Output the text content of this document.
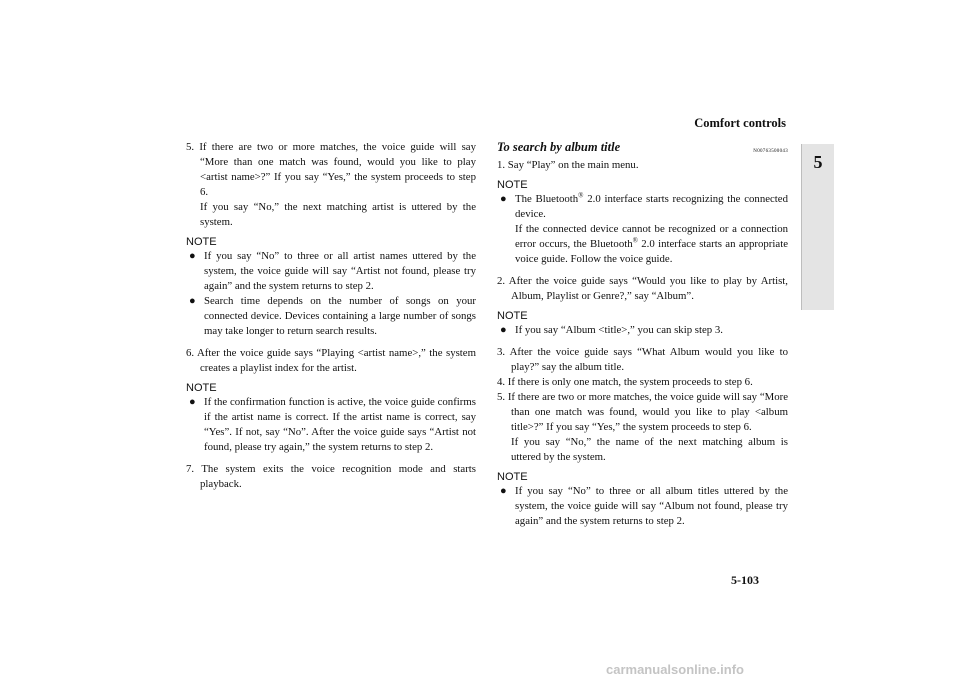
Comfort controls
5
5. If there are two or more matches, the voice guide will say “More than one match was found, would you like to play <artist name>?” If you say “Yes,” the system proceeds to step 6.
If you say “No,” the next matching artist is uttered by the system.
NOTE
● If you say “No” to three or all artist names uttered by the system, the voice guide will say “Artist not found, please try again” and the system returns to step 2.
● Search time depends on the number of songs on your connected device. Devices containing a large number of songs may take longer to return search results.
6. After the voice guide says “Playing <artist name>,” the system creates a playlist index for the artist.
NOTE
● If the confirmation function is active, the voice guide confirms if the artist name is correct. If the artist name is correct, say “Yes”. If not, say “No”. After the voice guide says “Artist not found, please try again,” the system returns to step 2.
7. The system exits the voice recognition mode and starts playback.
To search by album title	N00763500043
1. Say “Play” on the main menu.
NOTE
● The Bluetooth® 2.0 interface starts recognizing the connected device.
If the connected device cannot be recognized or a connection error occurs, the Bluetooth® 2.0 interface starts an appropriate voice guide. Follow the voice guide.
2. After the voice guide says “Would you like to play by Artist, Album, Playlist or Genre?,” say “Album”.
NOTE
● If you say “Album <title>,” you can skip step 3.
3. After the voice guide says “What Album would you like to play?” say the album title.
4. If there is only one match, the system proceeds to step 6.
5. If there are two or more matches, the voice guide will say “More than one match was found, would you like to play <album title>?” If you say “Yes,” the system proceeds to step 6.
If you say “No,” the name of the next matching album is uttered by the system.
NOTE
● If you say “No” to three or all album titles uttered by the system, the voice guide will say “Album not found, please try again” and the system returns to step 2.
5-103
carmanualsonline.info
